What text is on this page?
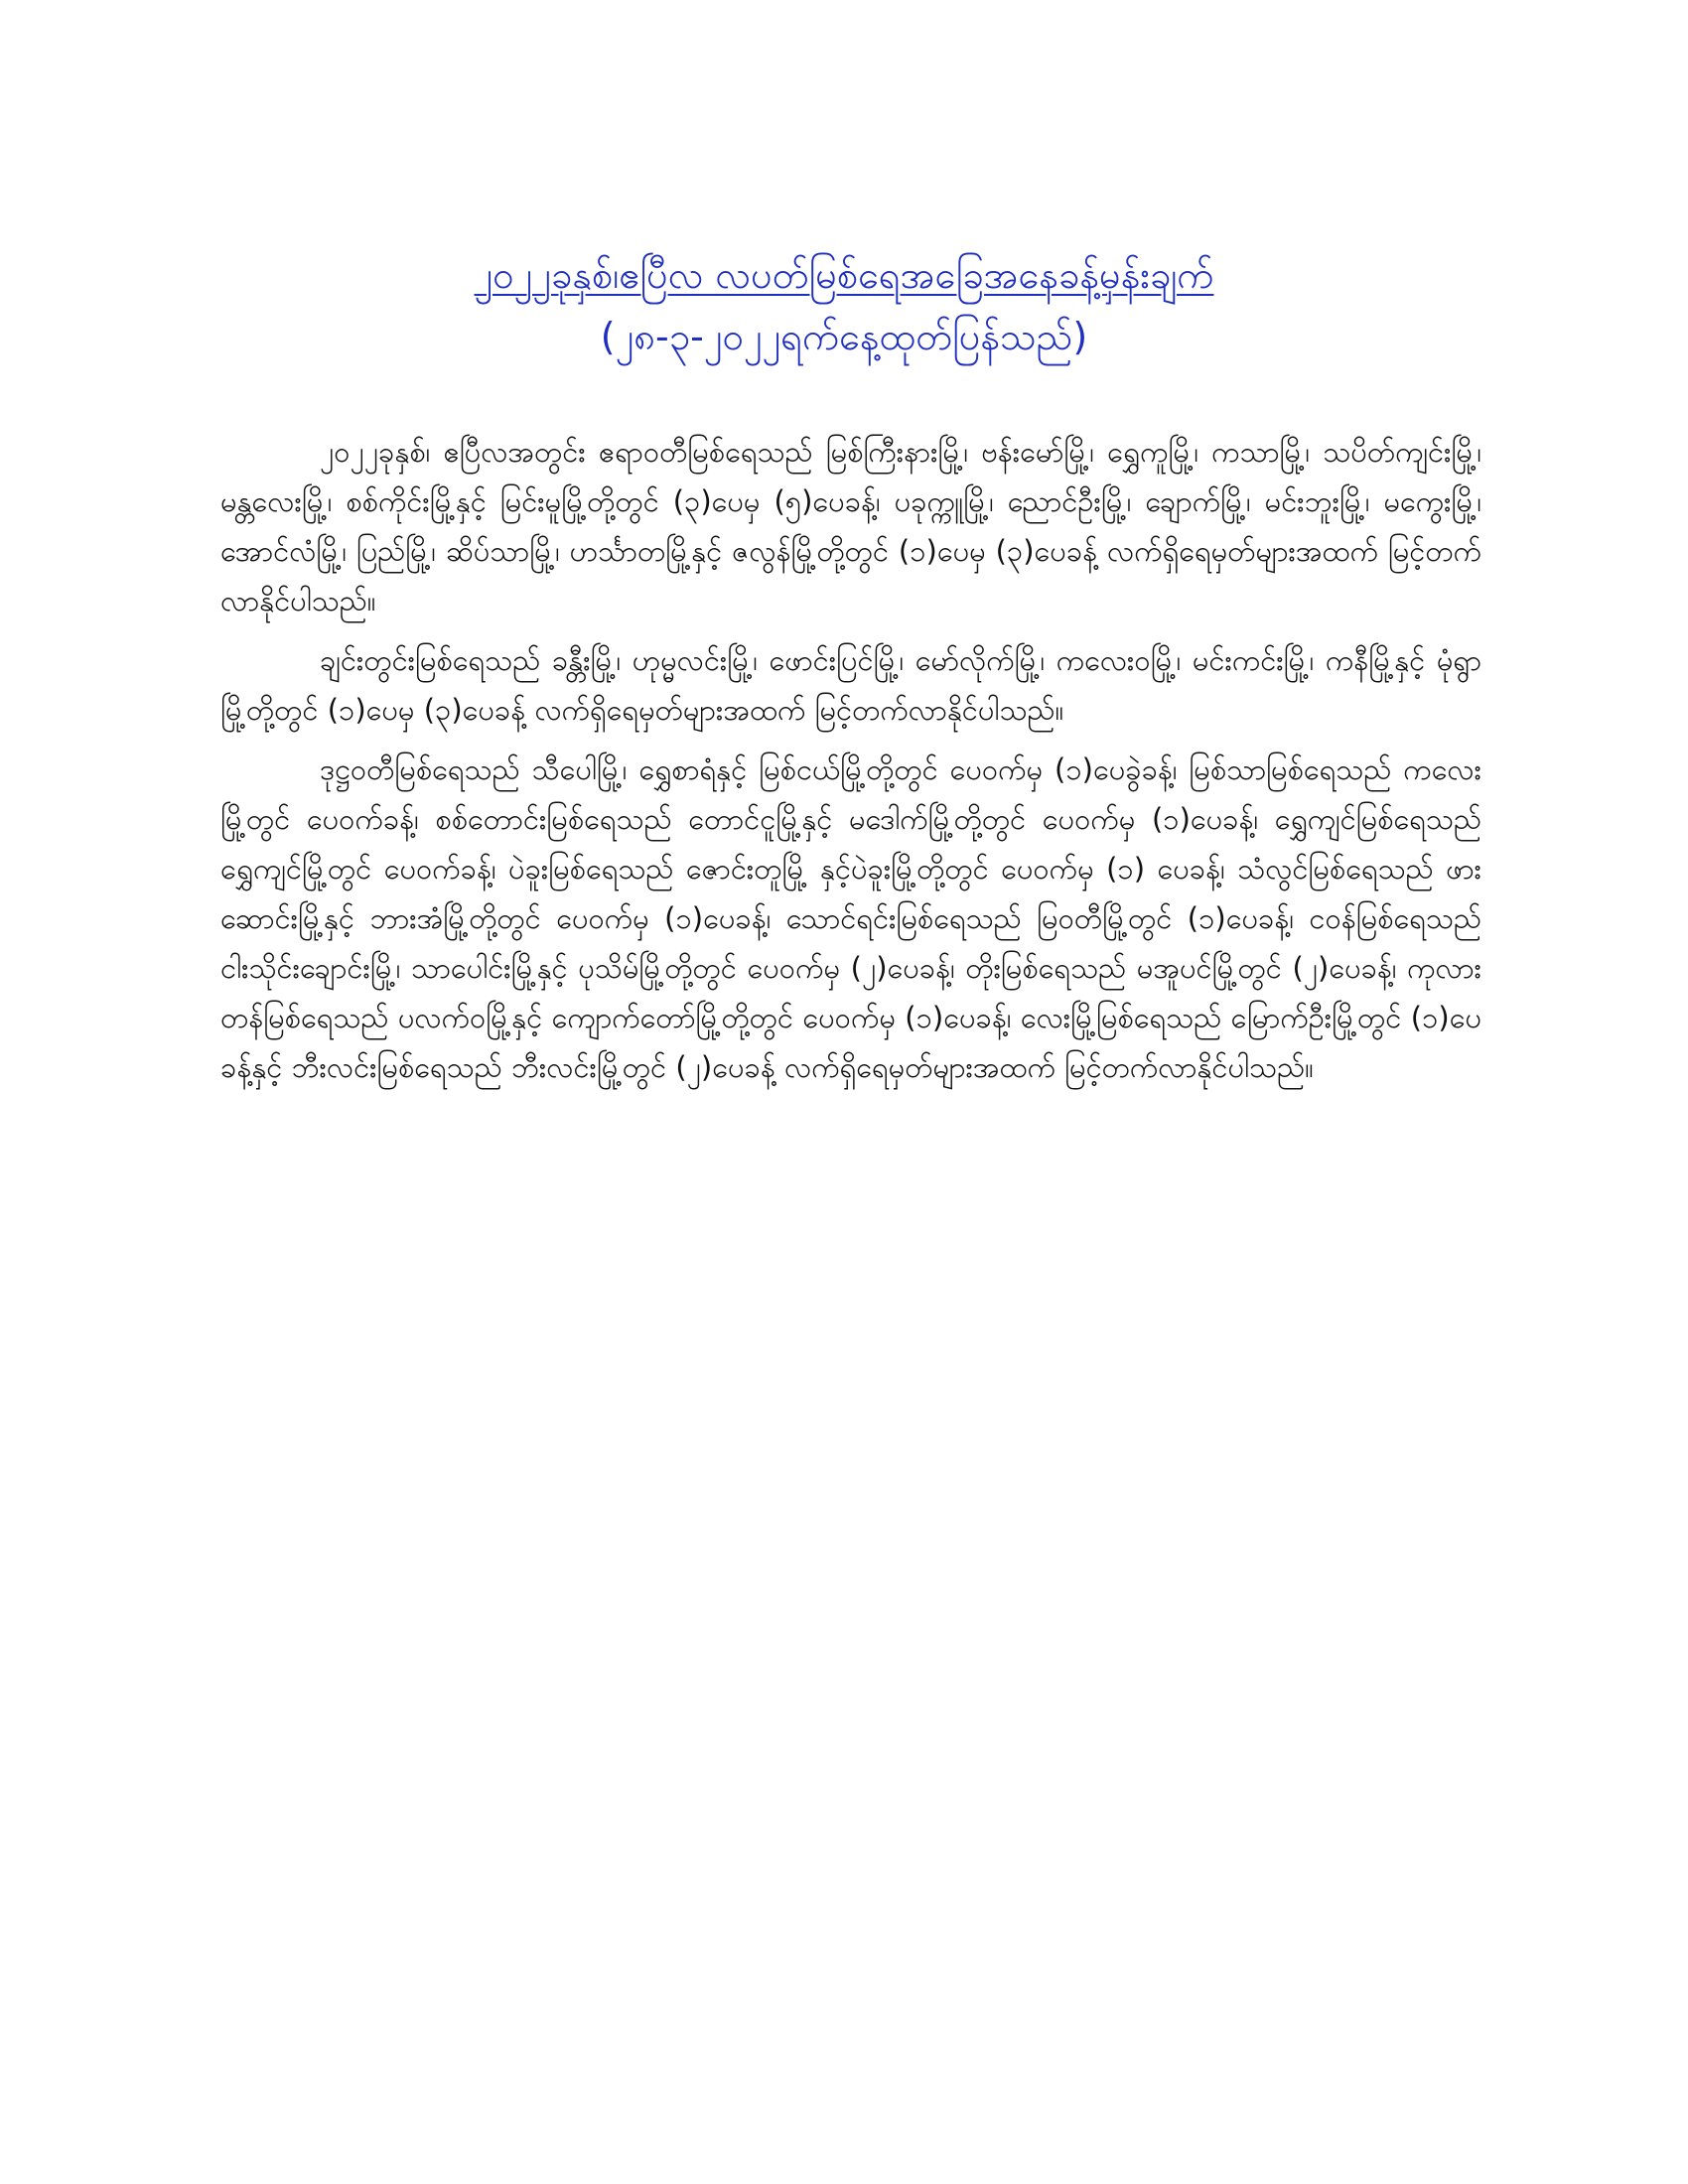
၂၀၂၂ခုနှစ်၊ဧပြီလ လပတ်မြစ်ရေအခြေအနေခန့်မှန်းချက်
(၂၈-၃-၂၀၂၂ရက်နေ့ထုတ်ပြန်သည်)

၂၀၂၂ခုနှစ်၊ ဧပြီလအတွင်း ဧရာဝတီမြစ်ရေသည် မြစ်ကြီးနားမြို့၊ ဗန်းမော်မြို့၊ ရွှေကူမြို့၊ ကသာမြို့၊ သပိတ်ကျင်းမြို့၊ မန္တလေးမြို့၊ စစ်ကိုင်းမြို့နှင့် မြင်းမူမြို့တို့တွင် (၃)ပေမှ (၅)ပေခန့်၊ ပခုက္ကူမြို့၊ ညောင်ဦးမြို့၊ ချောက်မြို့၊ မင်းဘူးမြို့၊ မကွေးမြို့၊ အောင်လံမြို့၊ ပြည်မြို့၊ ဆိပ်သာမြို့၊ ဟင်္သာတမြို့နှင့် ဇလွန်မြို့တို့တွင် (၁)ပေမှ (၃)ပေခန့် လက်ရှိရေမှတ်များအထက် မြင့်တက်လာနိုင်ပါသည်။

ချင်းတွင်းမြစ်ရေသည် ခန္တီးမြို့၊ ဟုမ္မလင်းမြို့၊ ဖောင်းပြင်မြို့၊ မော်လိုက်မြို့၊ ကလေးဝမြို့၊ မင်းကင်းမြို့၊ ကနီမြို့နှင့် မုံရွာမြို့တို့တွင် (၁)ပေမှ (၃)ပေခန့် လက်ရှိရေမှတ်များအထက် မြင့်တက်လာနိုင်ပါသည်။

ဒုဋ္ဌဝတီမြစ်ရေသည် သီပေါမြို့၊ ရွှေစာရံနှင့် မြစ်ငယ်မြို့တို့တွင် ပေဝက်မှ (၁)ပေခွဲခန့်၊ မြစ်သာမြစ်ရေသည် ကလေးမြို့တွင် ပေဝက်ခန့်၊ စစ်တောင်းမြစ်ရေသည် တောင်ငူမြို့နှင့် မဒေါက်မြို့တို့တွင် ပေဝက်မှ (၁)ပေခန့်၊ ရွှေကျင်မြစ်ရေသည် ရွှေကျင်မြို့တွင် ပေဝက်ခန့်၊ ပဲခူးမြစ်ရေသည် ဇောင်းတူမြို့ နှင့်ပဲခူးမြို့တို့တွင် ပေဝက်မှ (၁) ပေခန့်၊ သံလွင်မြစ်ရေသည် ဖားဆောင်းမြို့နှင့် ဘားအံမြို့တို့တွင် ပေဝက်မှ (၁)ပေခန့်၊ သောင်ရင်းမြစ်ရေသည် မြဝတီမြို့တွင် (၁)ပေခန့်၊ ငဝန်မြစ်ရေသည် ငါးသိုင်းချောင်းမြို့၊ သာပေါင်းမြို့နှင့် ပုသိမ်မြို့တို့တွင် ပေဝက်မှ (၂)ပေခန့်၊ တိုးမြစ်ရေသည် မအူပင်မြို့တွင် (၂)ပေခန့်၊ ကုလားတန်မြစ်ရေသည် ပလက်ဝမြို့နှင့် ကျောက်တော်မြို့တို့တွင် ပေဝက်မှ (၁)ပေခန့်၊ လေးမြို့မြစ်ရေသည် မြောက်ဦးမြို့တွင် (၁)ပေခန့်နှင့် ဘီးလင်းမြစ်ရေသည် ဘီးလင်းမြို့တွင် (၂)ပေခန့် လက်ရှိရေမှတ်များအထက် မြင့်တက်လာနိုင်ပါသည်။
